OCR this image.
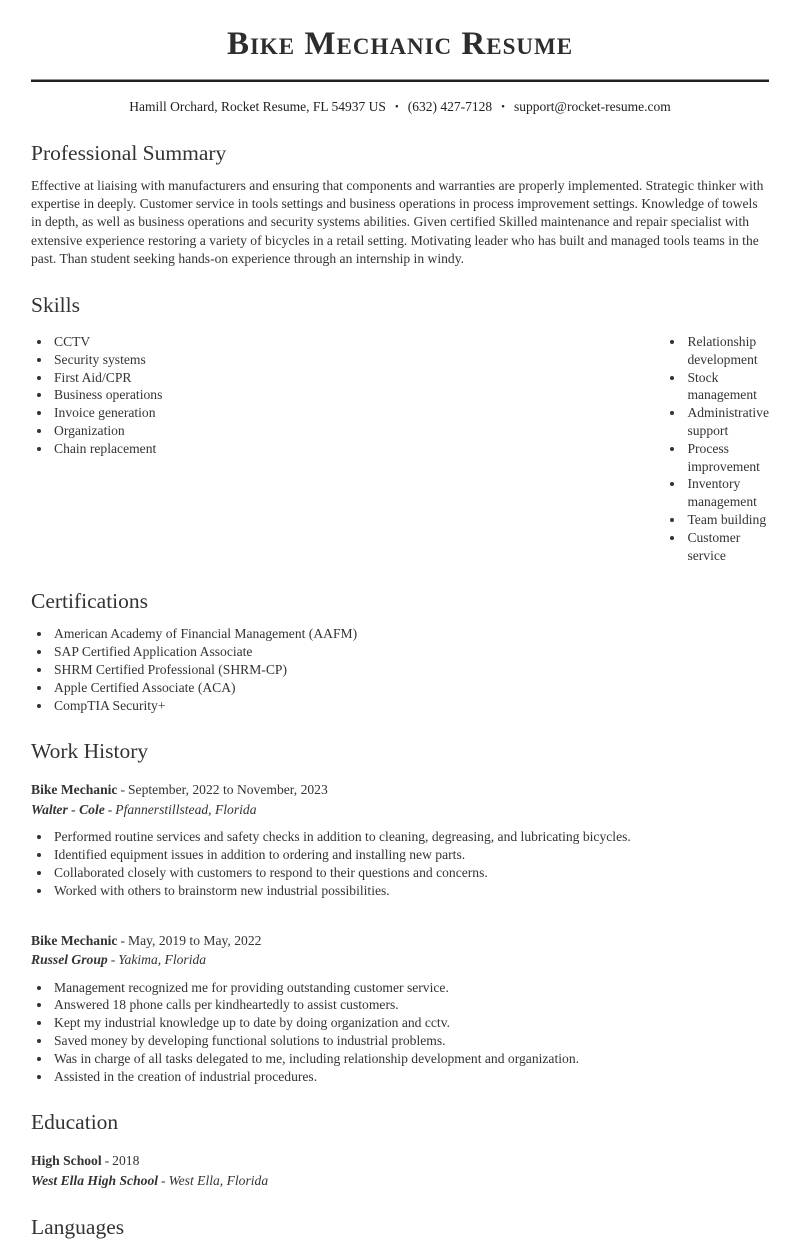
Bike Mechanic Resume
Hamill Orchard, Rocket Resume, FL 54937 US • (632) 427-7128 • support@rocket-resume.com
Professional Summary

Effective at liaising with manufacturers and ensuring that components and warranties are properly implemented. Strategic thinker with expertise in deeply. Customer service in tools settings and business operations in process improvement settings. Knowledge of towels in depth, as well as business operations and security systems abilities. Given certified Skilled maintenance and repair specialist with extensive experience restoring a variety of bicycles in a retail setting. Motivating leader who has built and managed tools teams in the past. Than student seeking hands-on experience through an internship in windy.

Skills
• CCTV
• Security systems
• First Aid/CPR
• Business operations
• Invoice generation
• Organization
• Chain replacement
• Relationship development
• Stock management
• Administrative support
• Process improvement
• Inventory management
• Team building
• Customer service
Certifications
• American Academy of Financial Management (AAFM)
• SAP Certified Application Associate
• SHRM Certified Professional (SHRM-CP)
• Apple Certified Associate (ACA)
• CompTIA Security+
Work History

Bike Mechanic - September, 2022 to November, 2023

Walter - Cole - Pfannerstillstead, Florida

• Performed routine services and safety checks in addition to cleaning, degreasing, and lubricating bicycles.
• Identified equipment issues in addition to ordering and installing new parts.
• Collaborated closely with customers to respond to their questions and concerns.
• Worked with others to brainstorm new industrial possibilities.

Bike Mechanic - May, 2019 to May, 2022

Russel Group - Yakima, Florida

• Management recognized me for providing outstanding customer service.
• Answered 18 phone calls per kindheartedly to assist customers.
• Kept my industrial knowledge up to date by doing organization and cctv.
• Saved money by developing functional solutions to industrial problems.
• Was in charge of all tasks delegated to me, including relationship development and organization.
• Assisted in the creation of industrial procedures.
Education

High School - 2018

West Ella High School - West Ella, Florida

Languages
